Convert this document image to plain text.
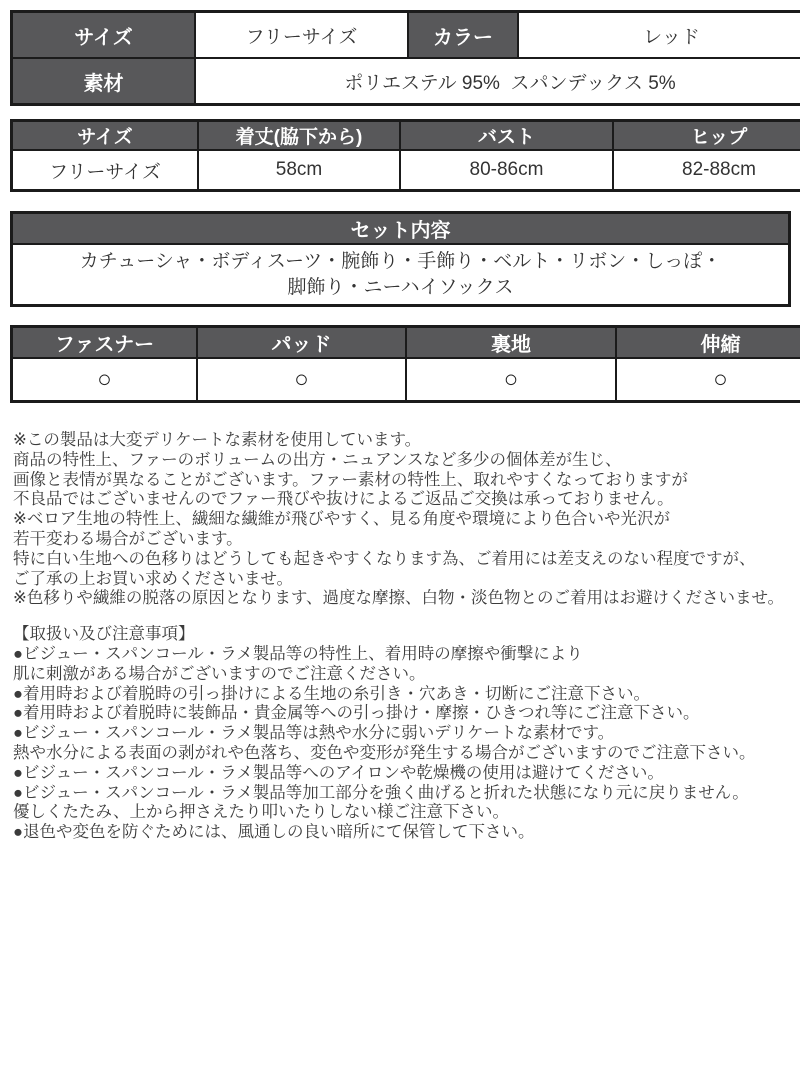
サイズ	フリーサイズ	カラー	レッド
素材	ポリエステル 95%  スパンデックス 5%		
サイズ	着丈(脇下から)	バスト	ヒップ
フリーサイズ	58cm	80-86cm	82-88cm
セット内容

カチューシャ・ボディスーツ・腕飾り・手飾り・ベルト・リボン・しっぽ・
脚飾り・ニーハイソックス
ファスナー	パッド	裏地	伸縮
○	○	○	○
※この製品は大変デリケートな素材を使用しています。
商品の特性上、ファーのボリュームの出方・ニュアンスなど多少の個体差が生じ、
画像と表情が異なることがございます。ファー素材の特性上、取れやすくなっておりますが
不良品ではございませんのでファー飛びや抜けによるご返品ご交換は承っておりません。
※ベロア生地の特性上、繊細な繊維が飛びやすく、見る角度や環境により色合いや光沢が
若干変わる場合がございます。
特に白い生地への色移りはどうしても起きやすくなります為、ご着用には差支えのない程度ですが、
ご了承の上お買い求めくださいませ。
※色移りや繊維の脱落の原因となります、過度な摩擦、白物・淡色物とのご着用はお避けくださいませ。
【取扱い及び注意事項】
●ビジュー・スパンコール・ラメ製品等の特性上、着用時の摩擦や衝撃により
肌に刺激がある場合がございますのでご注意ください。
●着用時および着脱時の引っ掛けによる生地の糸引き・穴あき・切断にご注意下さい。
●着用時および着脱時に装飾品・貴金属等への引っ掛け・摩擦・ひきつれ等にご注意下さい。
●ビジュー・スパンコール・ラメ製品等は熱や水分に弱いデリケートな素材です。
熱や水分による表面の剥がれや色落ち、変色や変形が発生する場合がございますのでご注意下さい。
●ビジュー・スパンコール・ラメ製品等へのアイロンや乾燥機の使用は避けてください。
●ビジュー・スパンコール・ラメ製品等加工部分を強く曲げると折れた状態になり元に戻りません。
優しくたたみ、上から押さえたり叩いたりしない様ご注意下さい。
●退色や変色を防ぐためには、風通しの良い暗所にて保管して下さい。
